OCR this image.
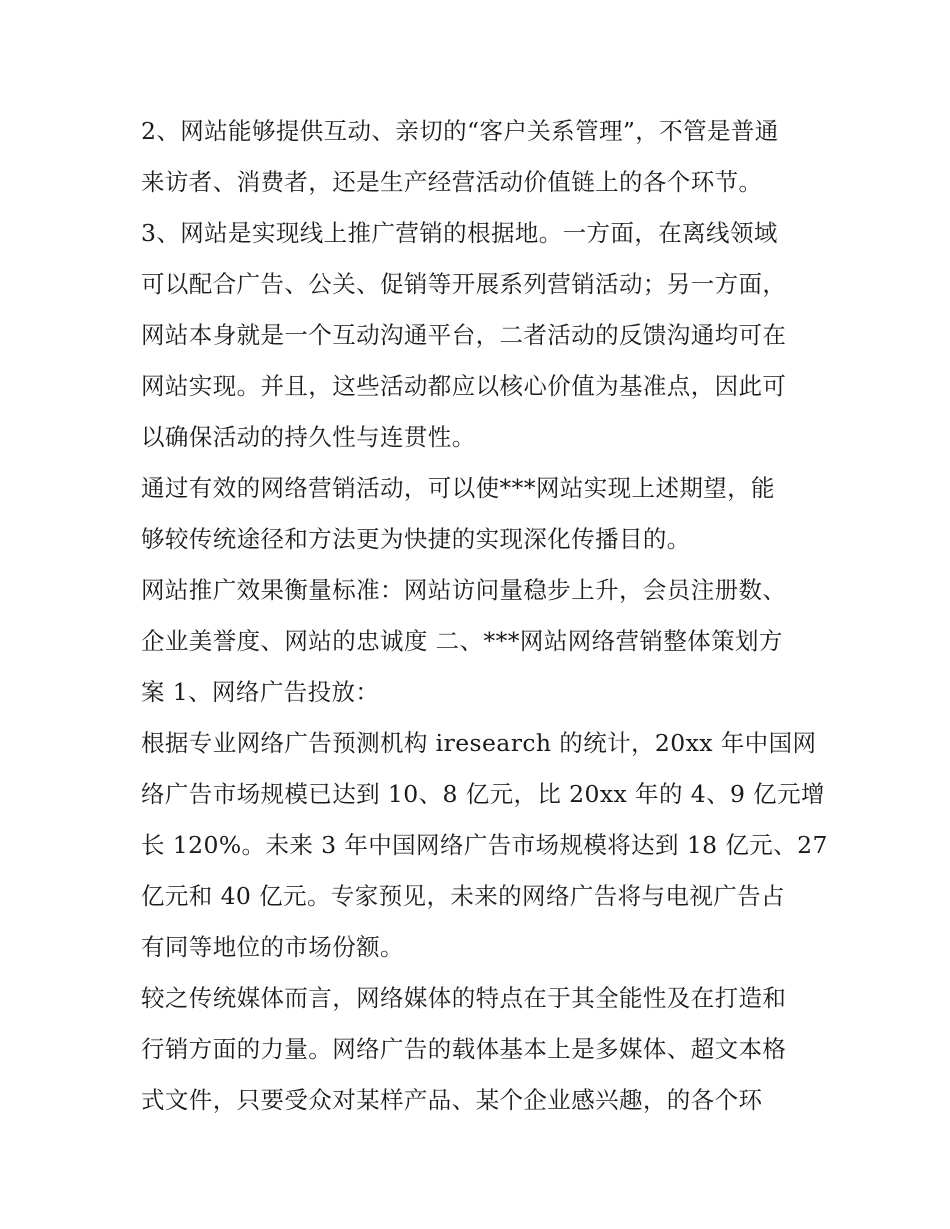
2、网站能够提供互动、亲切的“客户关系管理”，不管是普通
来访者、消费者，还是生产经营活动价值链上的各个环节。
3、网站是实现线上推广营销的根据地。一方面，在离线领域
可以配合广告、公关、促销等开展系列营销活动；另一方面，
网站本身就是一个互动沟通平台，二者活动的反馈沟通均可在
网站实现。并且，这些活动都应以核心价值为基准点，因此可
以确保活动的持久性与连贯性。
通过有效的网络营销活动，可以使***网站实现上述期望，能
够较传统途径和方法更为快捷的实现深化传播目的。
网站推广效果衡量标准：网站访问量稳步上升，会员注册数、
企业美誉度、网站的忠诚度 二、***网站网络营销整体策划方
案 1、网络广告投放：
根据专业网络广告预测机构 iresearch 的统计，20xx 年中国网
络广告市场规模已达到 10、8 亿元，比 20xx 年的 4、9 亿元增
长 120%。未来 3 年中国网络广告市场规模将达到 18 亿元、27
亿元和 40 亿元。专家预见，未来的网络广告将与电视广告占
有同等地位的市场份额。
较之传统媒体而言，网络媒体的特点在于其全能性及在打造和
行销方面的力量。网络广告的载体基本上是多媒体、超文本格
式文件，只要受众对某样产品、某个企业感兴趣，的各个环
